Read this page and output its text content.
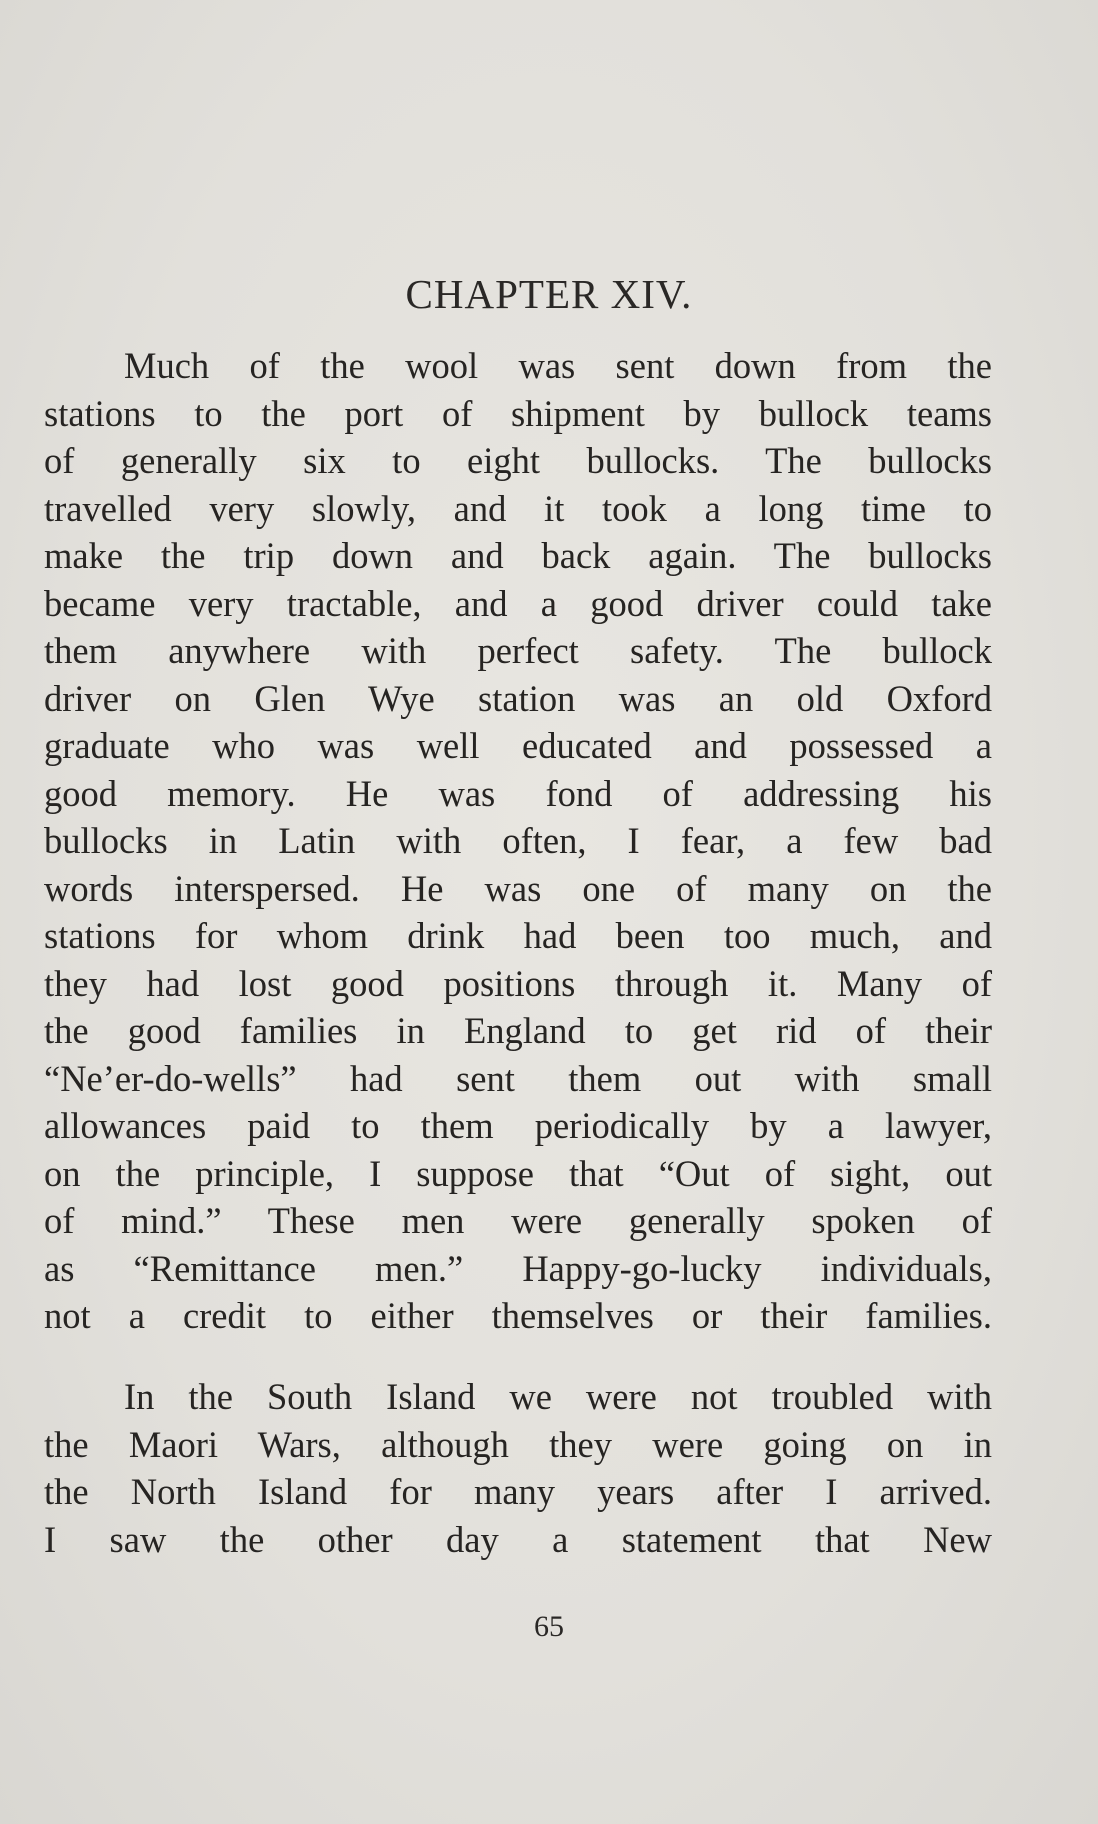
CHAPTER XIV.
Much of the wool was sent down from the
stations to the port of shipment by bullock teams
of generally six to eight bullocks. The bullocks
travelled very slowly, and it took a long time to
make the trip down and back again. The bullocks
became very tractable, and a good driver could take
them anywhere with perfect safety. The bullock
driver on Glen Wye station was an old Oxford
graduate who was well educated and possessed a
good memory. He was fond of addressing his
bullocks in Latin with often, I fear, a few bad
words interspersed. He was one of many on the
stations for whom drink had been too much, and
they had lost good positions through it. Many of
the good families in England to get rid of their
“Ne’er-do-wells” had sent them out with small
allowances paid to them periodically by a lawyer,
on the principle, I suppose that “Out of sight, out
of mind.” These men were generally spoken of
as “Remittance men.” Happy-go-lucky individuals,
not a credit to either themselves or their families.
In the South Island we were not troubled with
the Maori Wars, although they were going on in
the North Island for many years after I arrived.
I saw the other day a statement that New
65
